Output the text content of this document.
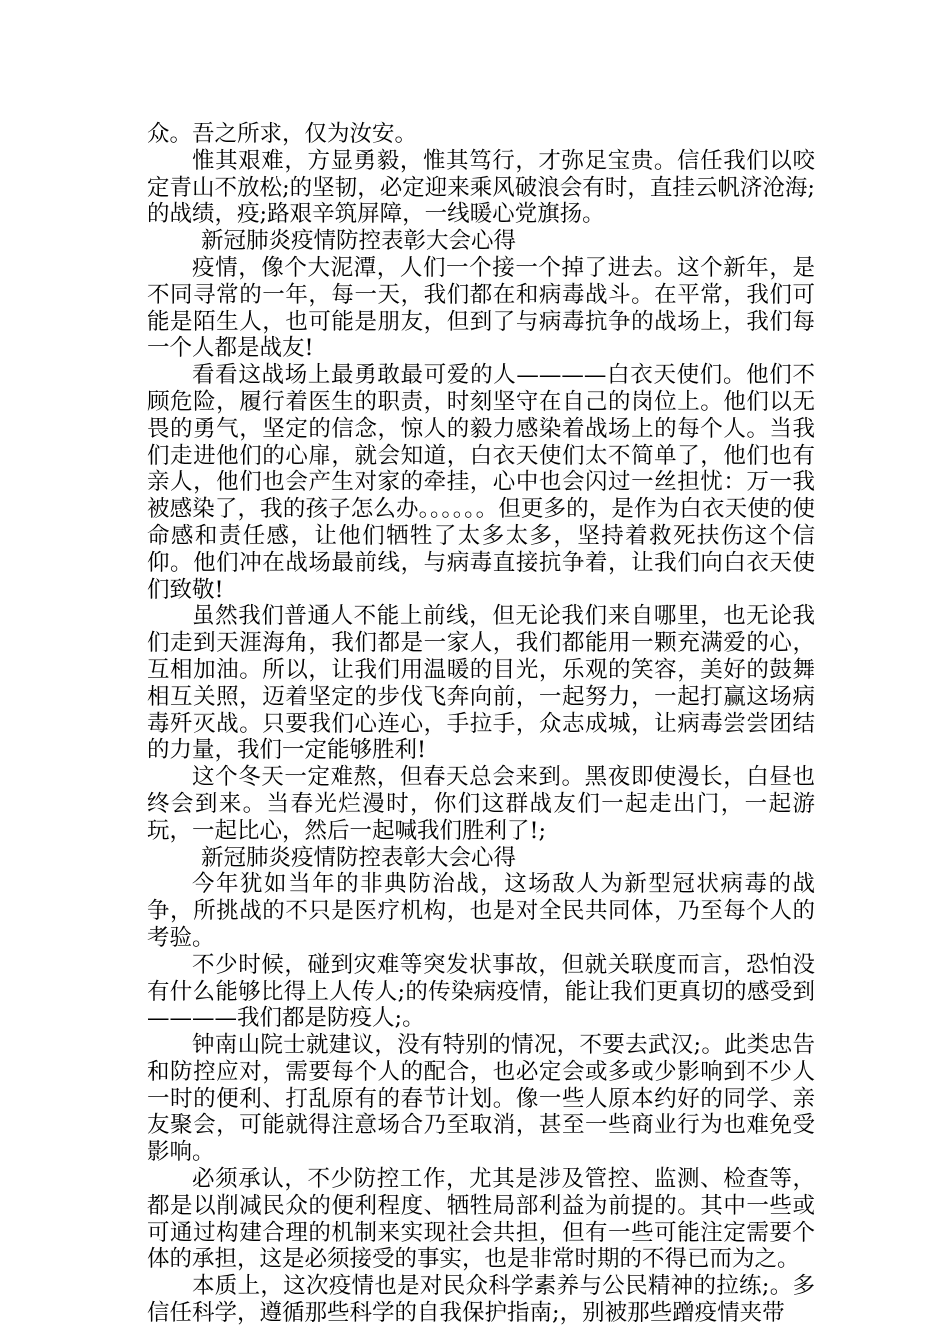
众。吾之所求，仅为汝安。

惟其艰难，方显勇毅，惟其笃行，才弥足宝贵。信任我们以咬定青山不放松;的坚韧，必定迎来乘风破浪会有时，直挂云帆济沧海;的战绩，疫;路艰辛筑屏障，一线暖心党旗扬。

新冠肺炎疫情防控表彰大会心得

疫情，像个大泥潭，人们一个接一个掉了进去。这个新年，是不同寻常的一年，每一天，我们都在和病毒战斗。在平常，我们可能是陌生人，也可能是朋友，但到了与病毒抗争的战场上，我们每一个人都是战友!

看看这战场上最勇敢最可爱的人————白衣天使们。他们不顾危险，履行着医生的职责，时刻坚守在自己的岗位上。他们以无畏的勇气，坚定的信念，惊人的毅力感染着战场上的每个人。当我们走进他们的心扉，就会知道，白衣天使们太不简单了，他们也有亲人，他们也会产生对家的牵挂，心中也会闪过一丝担忧：万一我被感染了，我的孩子怎么办。。。。。。但更多的，是作为白衣天使的使命感和责任感，让他们牺牲了太多太多，坚持着救死扶伤这个信仰。他们冲在战场最前线，与病毒直接抗争着，让我们向白衣天使们致敬!

虽然我们普通人不能上前线，但无论我们来自哪里，也无论我们走到天涯海角，我们都是一家人，我们都能用一颗充满爱的心，互相加油。所以，让我们用温暖的目光，乐观的笑容，美好的鼓舞相互关照，迈着坚定的步伐飞奔向前，一起努力，一起打赢这场病毒歼灭战。只要我们心连心，手拉手，众志成城，让病毒尝尝团结的力量，我们一定能够胜利!

这个冬天一定难熬，但春天总会来到。黑夜即使漫长，白昼也终会到来。当春光烂漫时，你们这群战友们一起走出门，一起游玩，一起比心，然后一起喊我们胜利了!;

新冠肺炎疫情防控表彰大会心得

今年犹如当年的非典防治战，这场敌人为新型冠状病毒的战争，所挑战的不只是医疗机构，也是对全民共同体，乃至每个人的考验。

不少时候，碰到灾难等突发状事故，但就关联度而言，恐怕没有什么能够比得上人传人;的传染病疫情，能让我们更真切的感受到————我们都是防疫人;。

钟南山院士就建议，没有特别的情况，不要去武汉;。此类忠告和防控应对，需要每个人的配合，也必定会或多或少影响到不少人一时的便利、打乱原有的春节计划。像一些人原本约好的同学、亲友聚会，可能就得注意场合乃至取消，甚至一些商业行为也难免受影响。

必须承认，不少防控工作，尤其是涉及管控、监测、检查等，都是以削减民众的便利程度、牺牲局部利益为前提的。其中一些或可通过构建合理的机制来实现社会共担，但有一些可能注定需要个体的承担，这是必须接受的事实，也是非常时期的不得已而为之。

本质上，这次疫情也是对民众科学素养与公民精神的拉练;。多信任科学，遵循那些科学的自我保护指南;，别被那些蹭疫情夹带
